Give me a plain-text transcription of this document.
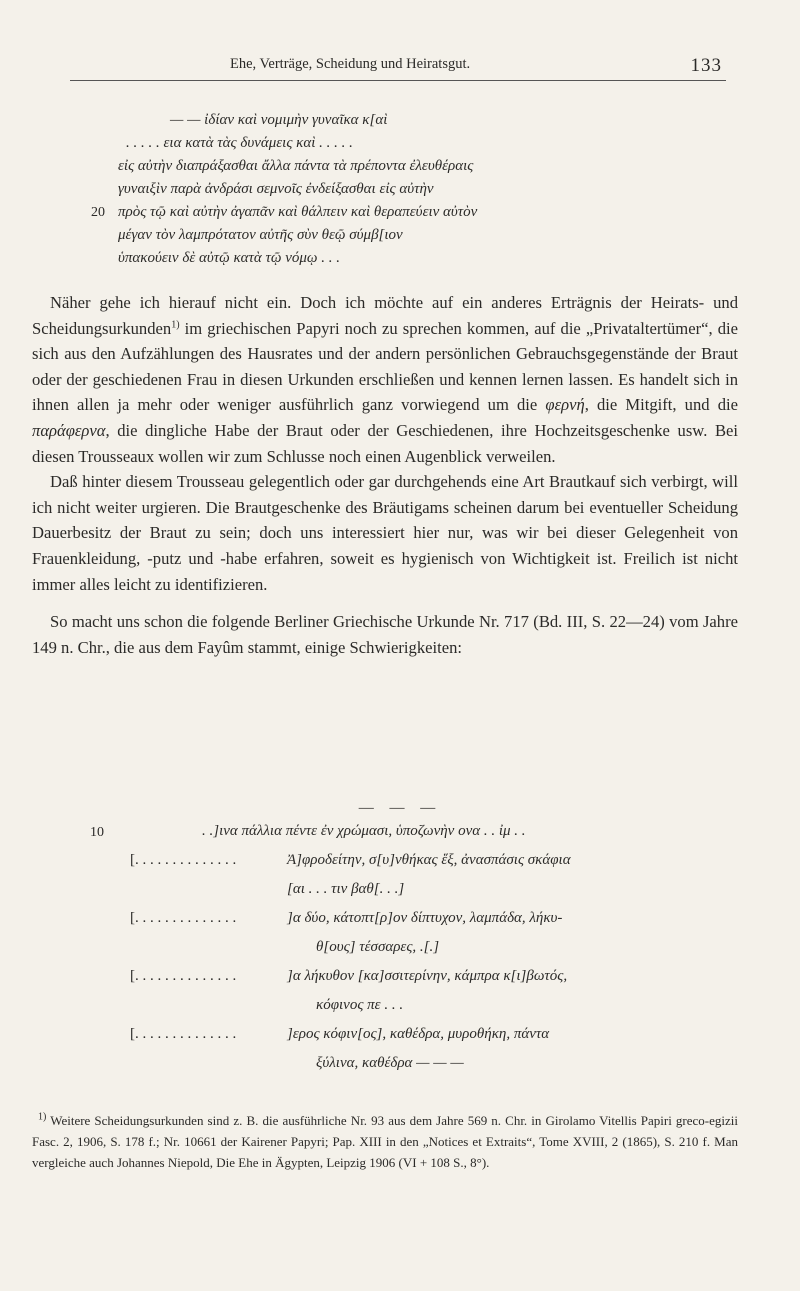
Ehe, Verträge, Scheidung und Heiratsgut.	133
— — ἰδίαν καὶ νομιμὴν γυναῖκα κ[αὶ
. . . . . εια κατὰ τὰς δυνάμεις καὶ . . . . .
εἰς αὐτὴν διαπράξασθαι ἄλλα πάντα τὰ πρέποντα ἐλευθέραις
γυναιξὶν παρὰ ἀνδράσι σεμνοῖς ἐνδείξασθαι εἰς αὐτὴν
20 πρὸς τῷ καὶ αὐτὴν ἀγαπᾶν καὶ θάλπειν καὶ θεραπεύειν αὐτὸν
μέγαν τὸν λαμπρότατον αὐτῆς σὺν θεῷ σύμβ[ιον
ὑπακούειν δὲ αὐτῷ κατὰ τῷ νόμῳ . . .

Näher gehe ich hierauf nicht ein. Doch ich möchte auf ein anderes Erträgnis der Heirats- und Scheidungsurkunden$^{1)}$ im griechischen Papyri noch zu sprechen kommen, auf die „Privataltertümer“, die sich aus den Aufzählungen des Hausrates und der andern persönlichen Gebrauchsgegenstände der Braut oder der geschiedenen Frau in diesen Urkunden erschließen und kennen lernen lassen. Es handelt sich in ihnen allen ja mehr oder weniger ausführlich ganz vorwiegend um die φερνή, die Mitgift, und die παράφερνα, die dingliche Habe der Braut oder der Geschiedenen, ihre Hochzeitsgeschenke usw. Bei diesen Trousseaux wollen wir zum Schlusse noch einen Augenblick verweilen.

Daß hinter diesem Trousseau gelegentlich oder gar durchgehends eine Art Brautkauf sich verbirgt, will ich nicht weiter urgieren. Die Brautgeschenke des Bräutigams scheinen darum bei eventueller Scheidung Dauerbesitz der Braut zu sein; doch uns interessiert hier nur, was wir bei dieser Gelegenheit von Frauenkleidung, -putz und -habe erfahren, soweit es hygienisch von Wichtigkeit ist. Freilich ist nicht immer alles leicht zu identifizieren.

So macht uns schon die folgende Berliner Griechische Urkunde Nr. 717 (Bd. III, S. 22—24) vom Jahre 149 n. Chr., die aus dem Fayûm stammt, einige Schwierigkeiten:

— — —
10	. .]ινα πάλλια πέντε ἐν χρώμασι, ὑποζωνὴν ονα . . ἰμ . .
[. . . . . . . . . . . . . .	Ἀ]φροδείτην, σ[υ]νθήκας ἕξ, ἀνασπάσις σκάφια
[αι . . . τιν βαθ[. . .]
[. . . . . . . . . . . . . .	]α δύο, κάτοπτ[ρ]ον δίπτυχον, λαμπάδα, λήκυ-
θ[ους] τέσσαρες, .[.]
[. . . . . . . . . . . . . .	]α λήκυθον [κα]σσιτερίνην, κάμπρα κ[ι]βωτός,
κόφινος πε . . .
[. . . . . . . . . . . . . .	]ερος κόφιν[ος], καθέδρα, μυροθήκη, πάντα
ξύλινα, καθέδρα — — —

$^{1)}$ Weitere Scheidungsurkunden sind z. B. die ausführliche Nr. 93 aus dem Jahre 569 n. Chr. in Girolamo Vitellis Papiri greco-egizii Fasc. 2, 1906, S. 178 f.; Nr. 10661 der Kairener Papyri; Pap. XIII in den „Notices et Extraits“, Tome XVIII, 2 (1865), S. 210 f. Man vergleiche auch Johannes Niepold, Die Ehe in Ägypten, Leipzig 1906 (VI + 108 S., 8°).
